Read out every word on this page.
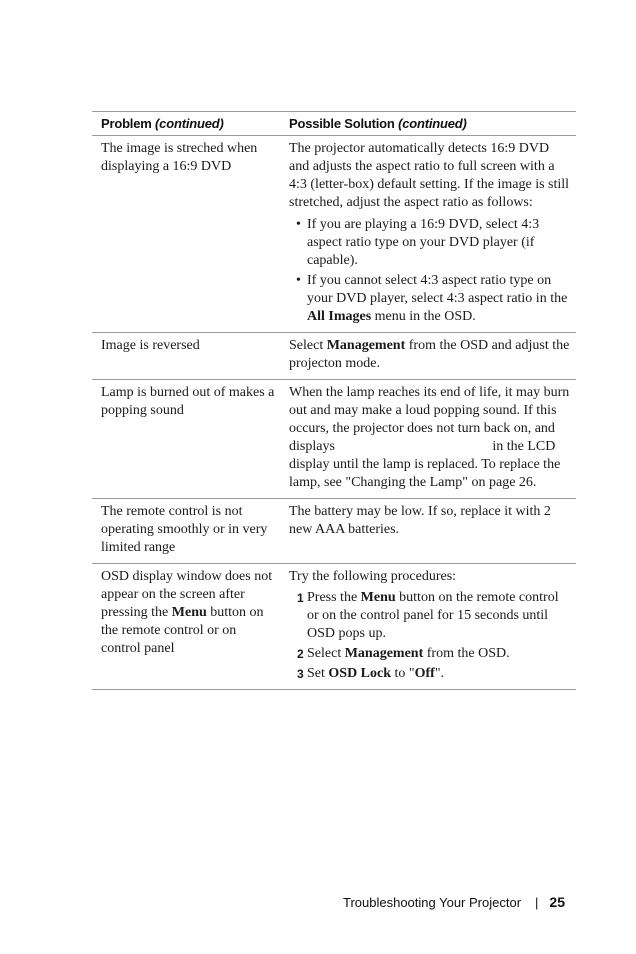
Problem (continued)	Possible Solution (continued)
The image is streched when displaying a 16:9 DVD
The projector automatically detects 16:9 DVD and adjusts the aspect ratio to full screen with a 4:3 (letter-box) default setting. If the image is still stretched, adjust the aspect ratio as follows:
• If you are playing a 16:9 DVD, select 4:3 aspect ratio type on your DVD player (if capable).
• If you cannot select 4:3 aspect ratio type on your DVD player, select 4:3 aspect ratio in the All Images menu in the OSD.
Image is reversed	Select Management from the OSD and adjust the projecton mode.
Lamp is burned out of makes a popping sound
When the lamp reaches its end of life, it may burn out and may make a loud popping sound. If this occurs, the projector does not turn back on, and displays                                             in the LCD display until the lamp is replaced. To replace the lamp, see "Changing the Lamp" on page 26.
The remote control is not operating smoothly or in very limited range
The battery may be low. If so, replace it with 2 new AAA batteries.
OSD display window does not appear on the screen after pressing the Menu button on the remote control or on control panel
Try the following procedures:
1 Press the Menu button on the remote control or on the control panel for 15 seconds until OSD pops up.
2 Select Management from the OSD.
3 Set OSD Lock to "Off".
Troubleshooting Your Projector | 25
